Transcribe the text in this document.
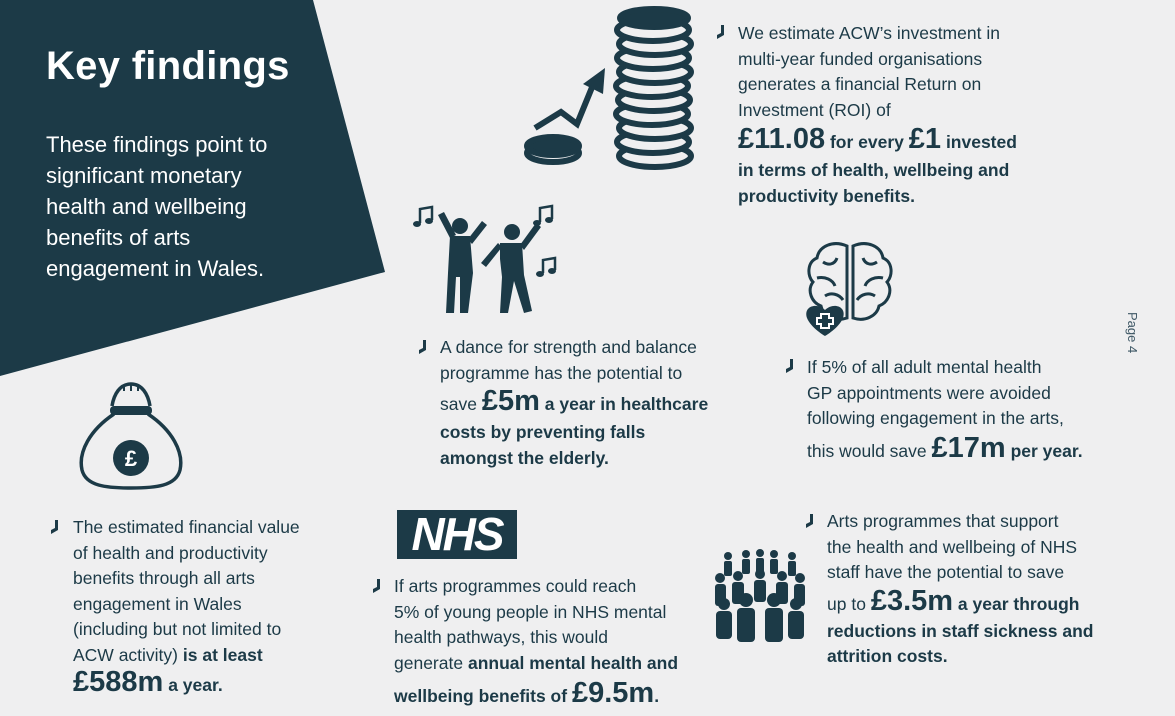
Key findings
These findings point to
significant monetary
health and wellbeing
benefits of arts
engagement in Wales.
Page 4
We estimate ACW’s investment in
multi-year funded organisations
generates a financial Return on
Investment (ROI) of
£11.08 for every £1 invested
in terms of health, wellbeing and
productivity benefits.
A dance for strength and balance
programme has the potential to
save £5m a year in healthcare
costs by preventing falls
amongst the elderly.
If 5% of all adult mental health
GP appointments were avoided
following engagement in the arts,
this would save £17m per year.
£
The estimated financial value
of health and productivity
benefits through all arts
engagement in Wales
(including but not limited to
ACW activity) is at least
£588m a year.
NHS
If arts programmes could reach
5% of young people in NHS mental
health pathways, this would
generate annual mental health and
wellbeing benefits of £9.5m.
Arts programmes that support
the health and wellbeing of NHS
staff have the potential to save
up to £3.5m a year through
reductions in staff sickness and
attrition costs.
